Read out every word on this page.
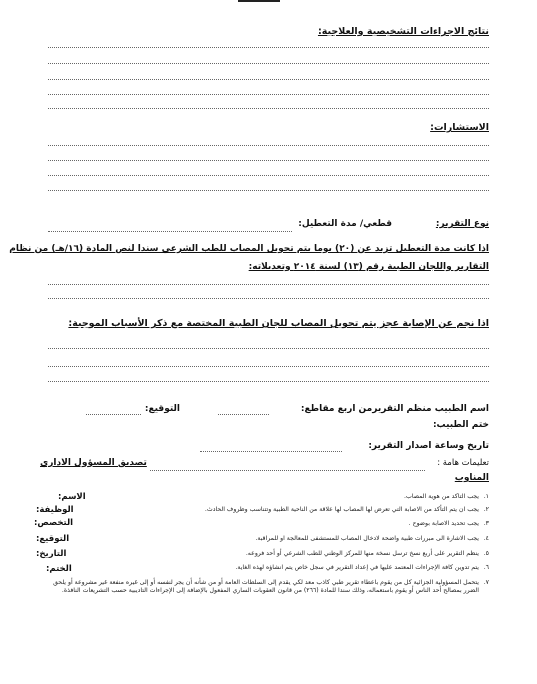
نتائج الاجراءات التشخيصية والعلاجية:
الاستشارات:
نوع التقرير:
قطعي/ مدة التعطيل:
اذا كانت مدة التعطيل تزيد عن (٢٠) يوما يتم تحويل المصاب للطب الشرعي سندا لنص المادة (١٦/هـ) من نظام
التقارير واللجان الطبية رقم (١٣) لسنة ٢٠١٤ وتعديلاته:
اذا نجم عن الإصابة عجز يتم تحويل المصاب للجان الطبية المختصة مع ذكر الأسباب الموجبة:
اسم الطبيب منظم التقريرمن اربع مقاطع:
التوقيع:
ختم الطبيب:
تاريخ وساعة اصدار التقرير:
تعليمات هامة :
تصديق المسؤول الاداري
المناوب
الاسم:
الوظيفة:
التخصص:
التوقيع:
التاريخ:
الختم:
١.
يجب التاكد من هوية المصاب.
٢.
يجب ان يتم التأكد من الاصابة التي تعرض لها المصاب لها علاقة من الناحية الطبية وتتناسب وظروف الحادث.
٣.
يجب تحديد الاصابة بوضوح .
٤.
يجب الاشارة الى مبررات طبية واضحة لادخال المصاب للمستشفى للمعالجة او للمراقبة.
٥.
ينظم التقرير على أربع نسخ ترسل نسخة منها للمركز الوطني للطب الشرعي أو أحد فروعه.
٦.
يتم تدوين كافة الإجراءات المعتمد عليها في إعداد التقرير في سجل خاص يتم انشاؤه لهذه الغاية.
٧.
يتحمل المسؤولية الجزائية كل من يقوم باعطاء تقرير طبي كاذب معد لكي يقدم إلى السلطات العامة أو من شأنه أن يجر لنفسه أو إلى غيره منفعة غير مشروعة أو يلحق الضرر بمصالح أحد الناس أو يقوم باستعماله، وذلك سندا للمادة (٢٦٦) من قانون العقوبات الساري المفعول بالإضافة إلى الإجراءات التاديبية حسب التشريعات النافذة.
